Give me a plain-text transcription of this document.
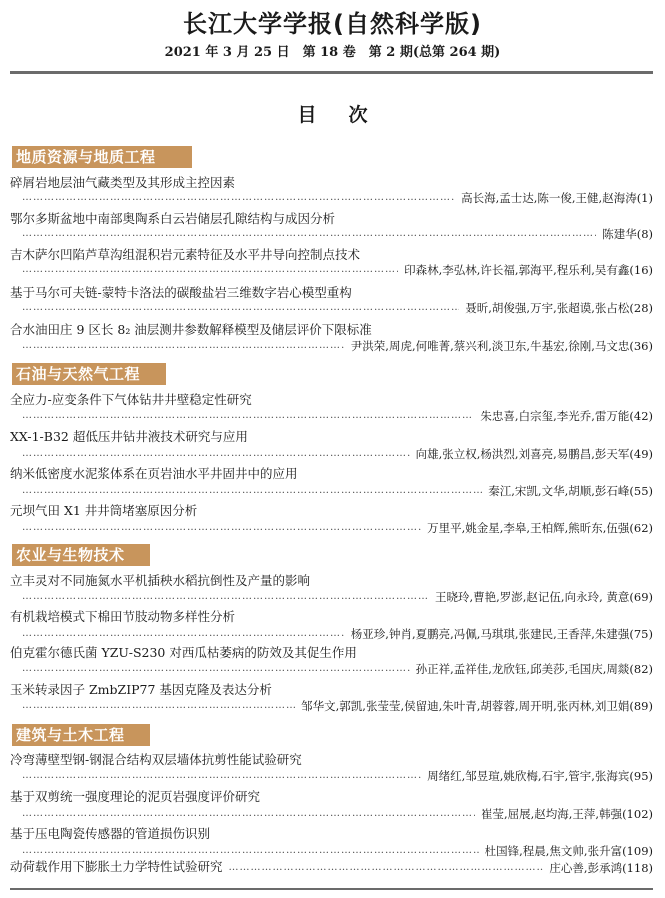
长江大学学报(自然科学版)
2021 年 3 月 25 日　第 18 卷　第 2 期(总第 264 期)
目 次
地质资源与地质工程
碎屑岩地层油气藏类型及其形成主控因素
……………………………………………………………………………………………………………………………………………………………………………………………………………
高长海,孟士达,陈一俊,王健,赵海涛(1)
鄂尔多斯盆地中南部奥陶系白云岩储层孔隙结构与成因分析
……………………………………………………………………………………………………………………………………………………………………………………………………………
陈建华(8)
吉木萨尔凹陷芦草沟组混积岩元素特征及水平井导向控制点技术
……………………………………………………………………………………………………………………………………………………………………………………………………………
印森林,李弘林,许长福,郭海平,程乐利,吴有鑫(16)
基于马尔可夫链-蒙特卡洛法的碳酸盐岩三维数字岩心模型重构
……………………………………………………………………………………………………………………………………………………………………………………………………………
聂昕,胡俊强,万宇,张超谟,张占松(28)
合水油田庄 9 区长 8₂ 油层测井参数解释模型及储层评价下限标准
……………………………………………………………………………………………………………………………………………………………………………………………………………
尹洪荣,周虎,何唯菁,蔡兴利,淡卫东,牛基宏,徐刚,马文忠(36)
石油与天然气工程
全应力-应变条件下气体钻井井壁稳定性研究
……………………………………………………………………………………………………………………………………………………………………………………………………………
朱忠喜,白宗玺,李光乔,雷万能(42)
XX-1-B32 超低压井钻井液技术研究与应用
……………………………………………………………………………………………………………………………………………………………………………………………………………
向雄,张立权,杨洪烈,刘喜亮,易鹏昌,彭天军(49)
纳米低密度水泥浆体系在页岩油水平井固井中的应用
……………………………………………………………………………………………………………………………………………………………………………………………………………
秦江,宋凯,文华,胡顺,彭石峰(55)
元坝气田 X1 井井筒堵塞原因分析
……………………………………………………………………………………………………………………………………………………………………………………………………………
万里平,姚金星,李皋,王柏辉,熊昕东,伍强(62)
农业与生物技术
立丰灵对不同施氮水平机插秧水稻抗倒性及产量的影响
……………………………………………………………………………………………………………………………………………………………………………………………………………
王晓玲,曹艳,罗澎,赵记伍,向永玲, 黄意(69)
有机栽培模式下棉田节肢动物多样性分析
……………………………………………………………………………………………………………………………………………………………………………………………………………
杨亚珍,钟肖,夏鹏亮,冯佩,马琪琪,张建民,王香萍,朱建强(75)
伯克霍尔德氏菌 YZU-S230 对西瓜枯萎病的防效及其促生作用
……………………………………………………………………………………………………………………………………………………………………………………………………………
孙正祥,孟祥佳,龙欣钰,邱美莎,毛国庆,周燚(82)
玉米转录因子 ZmbZIP77 基因克隆及表达分析
……………………………………………………………………………………………………………………………………………………………………………………………………………
邹华文,郭凯,张莹莹,侯留迪,朱叶青,胡蓉蓉,周开明,张丙林,刘卫娟(89)
建筑与土木工程
冷弯薄壁型钢-钢混合结构双层墙体抗剪性能试验研究
……………………………………………………………………………………………………………………………………………………………………………………………………………
周绪红,邹昱瑄,姚欣梅,石宇,管宇,张海宾(95)
基于双剪统一强度理论的泥页岩强度评价研究
……………………………………………………………………………………………………………………………………………………………………………………………………………
崔莹,屈展,赵均海,王萍,韩强(102)
基于压电陶瓷传感器的管道损伤识别
……………………………………………………………………………………………………………………………………………………………………………………………………………
杜国锋,程晨,焦文帅,张升富(109)
动荷载作用下膨胀土力学特性试验研究 ……………………………………………………………………………………………………………………………………………………………………………	庄心善,彭承鸿(118)
